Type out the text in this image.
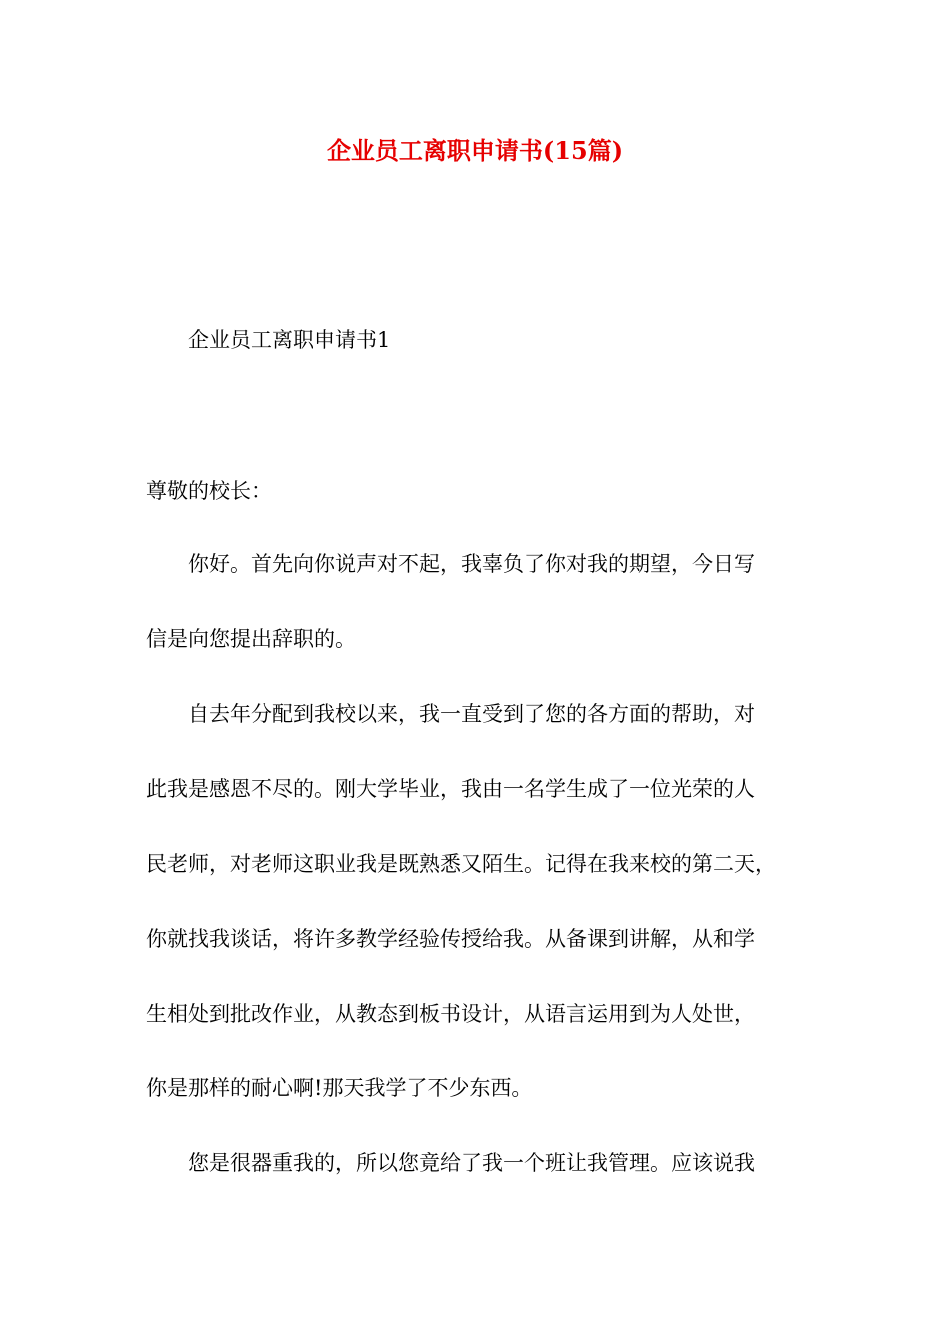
企业员工离职申请书(15篇)
企业员工离职申请书1
尊敬的校长：
你好。首先向你说声对不起，我辜负了你对我的期望，今日写
信是向您提出辞职的。
自去年分配到我校以来，我一直受到了您的各方面的帮助，对
此我是感恩不尽的。刚大学毕业，我由一名学生成了一位光荣的人
民老师，对老师这职业我是既熟悉又陌生。记得在我来校的第二天，
你就找我谈话，将许多教学经验传授给我。从备课到讲解，从和学
生相处到批改作业，从教态到板书设计，从语言运用到为人处世，
你是那样的耐心啊!那天我学了不少东西。
您是很器重我的，所以您竟给了我一个班让我管理。应该说我
